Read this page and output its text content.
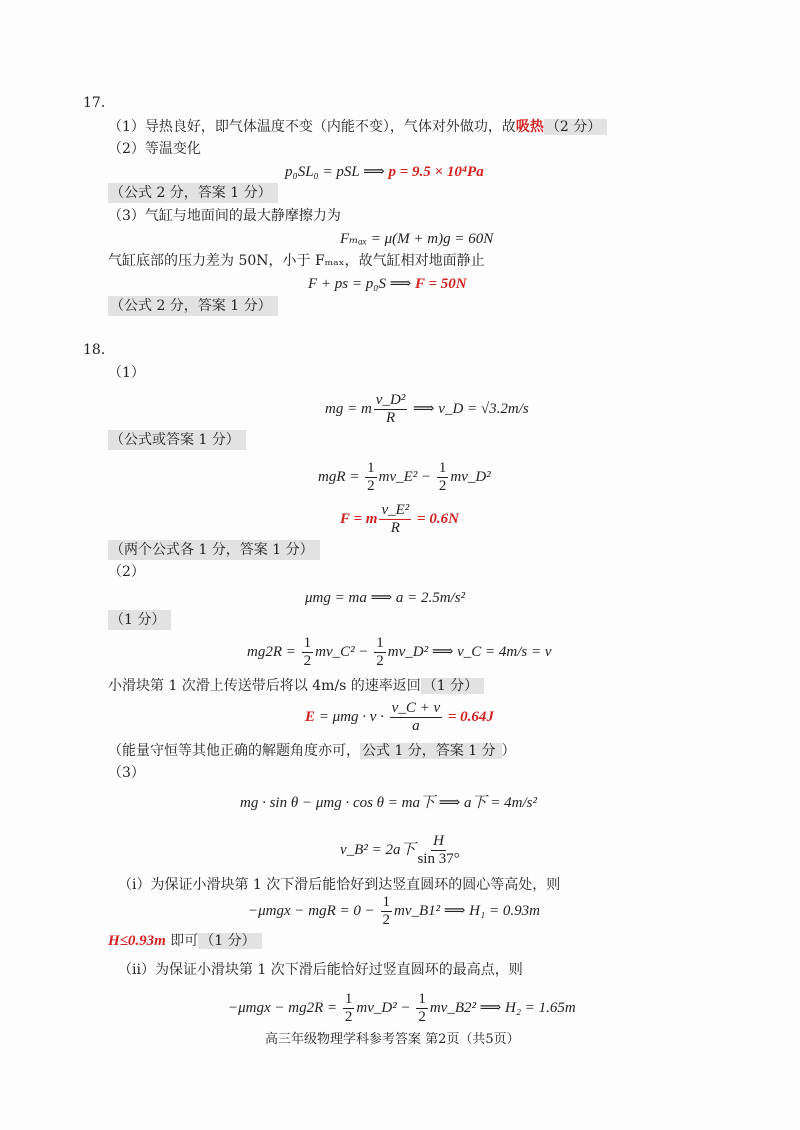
17.
（1）导热良好，即气体温度不变（内能不变），气体对外做功，故吸热 （2 分）
（2）等温变化
p₀SL₀ = pSL ⟹ p = 9.5 × 10⁴Pa
（公式 2 分，答案 1 分）
（3）气缸与地面间的最大静摩擦力为
Fₘₐₓ = μ(M + m)g = 60N
气缸底部的压力差为 50N，小于 Fₘₐₓ，故气缸相对地面静止
F + ps = p₀S ⟹ F = 50N
（公式 2 分，答案 1 分）
18.
（1）
mg = m $\frac{\text{v\_D²}}{R}$ ⟹ v_D = √3.2m/s
（公式或答案 1 分）
mgR = $\frac{1}{2}$ mv_E² − $\frac{1}{2}$ mv_D²
F = m $\frac{\text{v\_E²}}{R} = 0.6N$
（两个公式各 1 分，答案 1 分）
（2）
μmg = ma ⟹ a = 2.5m/s²
（1 分）
$mg2R = \frac{1}{2}$ mv_C² − $\frac{1}{2}$ mv_D² ⟹ v_C = 4m/s = v
小滑块第 1 次滑上传送带后将以 4m/s 的速率返回 （1 分）
$E = \mu mg \cdot v \cdot \frac{v\_C + v}{a} = 0.64J$
（能量守恒等其他正确的解题角度亦可， 公式 1 分，答案 1 分 ）
（3）
mg · sin θ − μmg · cos θ = ma下 ⟹ a下 = 4m/s²
v_B² = 2a下 $\frac{H}{\sin 37^\circ}$
（i）为保证小滑块第 1 次下滑后能恰好到达竖直圆环的圆心等高处，则
−μmgx − mgR = $0 - \frac{1}{2}$ mv_B1² ⟹ H₁ = 0.93m
H≤0.93m 即可 （1 分）
（ii）为保证小滑块第 1 次下滑后能恰好过竖直圆环的最高点，则
$-\mu mgx - mg2R = \frac{1}{2}$ mv_D² − $\frac{1}{2}$ mv_B2² ⟹ H₂ = 1.65m
高三年级物理学科参考答案 第2页（共5页）
